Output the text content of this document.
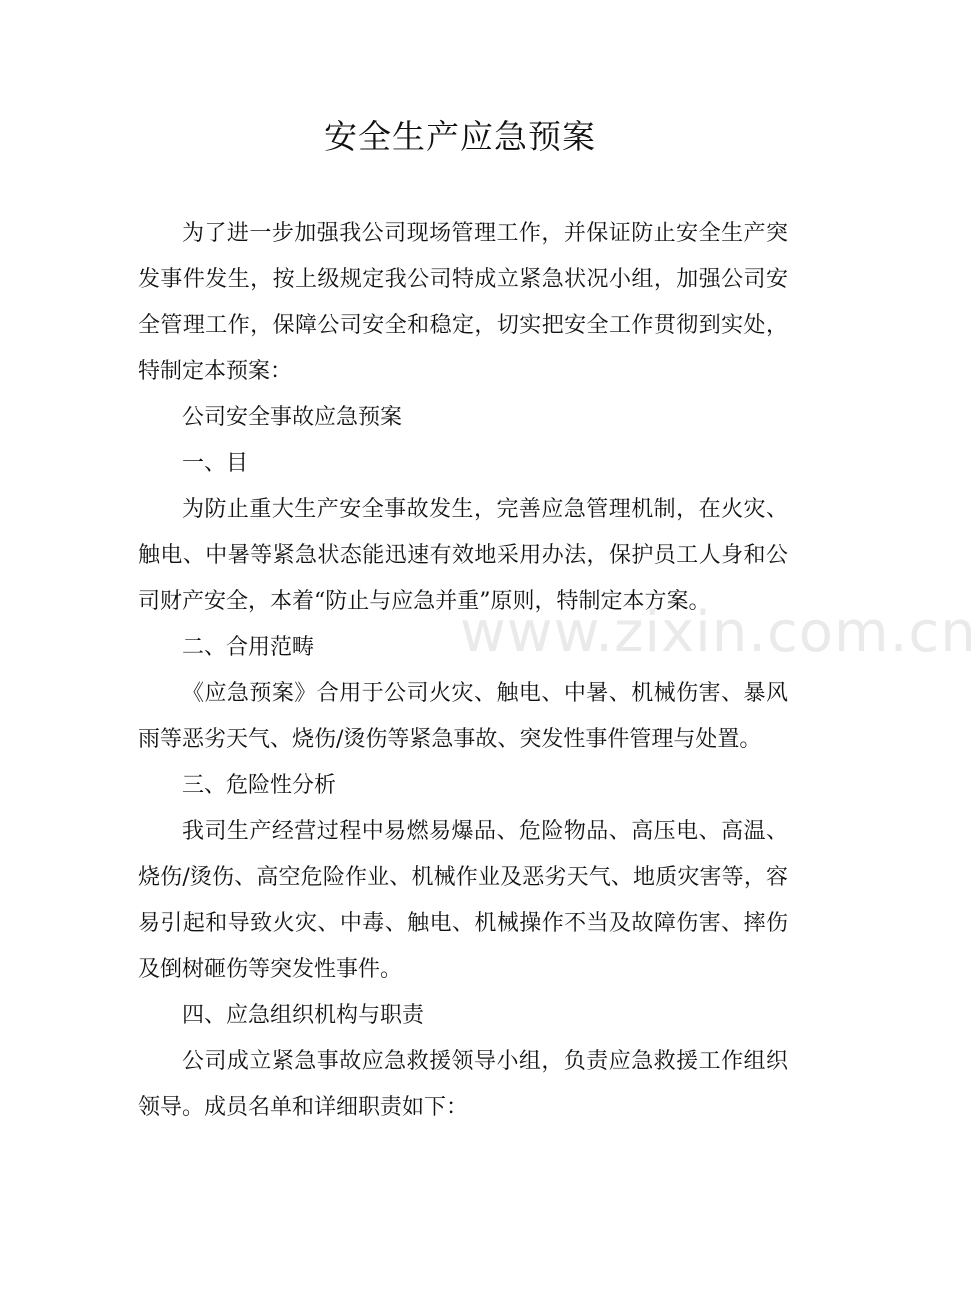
安全生产应急预案
www.zixin.com.cn

为了进一步加强我公司现场管理工作，并保证防止安全生产突发事件发生，按上级规定我公司特成立紧急状况小组，加强公司安全管理工作，保障公司安全和稳定，切实把安全工作贯彻到实处，特制定本预案：

公司安全事故应急预案

一、目

为防止重大生产安全事故发生，完善应急管理机制，在火灾、触电、中暑等紧急状态能迅速有效地采用办法，保护员工人身和公司财产安全，本着“防止与应急并重”原则，特制定本方案。

二、合用范畴

《应急预案》合用于公司火灾、触电、中暑、机械伤害、暴风雨等恶劣天气、烧伤/烫伤等紧急事故、突发性事件管理与处置。

三、危险性分析

我司生产经营过程中易燃易爆品、危险物品、高压电、高温、烧伤/烫伤、高空危险作业、机械作业及恶劣天气、地质灾害等，容易引起和导致火灾、中毒、触电、机械操作不当及故障伤害、摔伤及倒树砸伤等突发性事件。

四、应急组织机构与职责

公司成立紧急事故应急救援领导小组，负责应急救援工作组织领导。成员名单和详细职责如下：
